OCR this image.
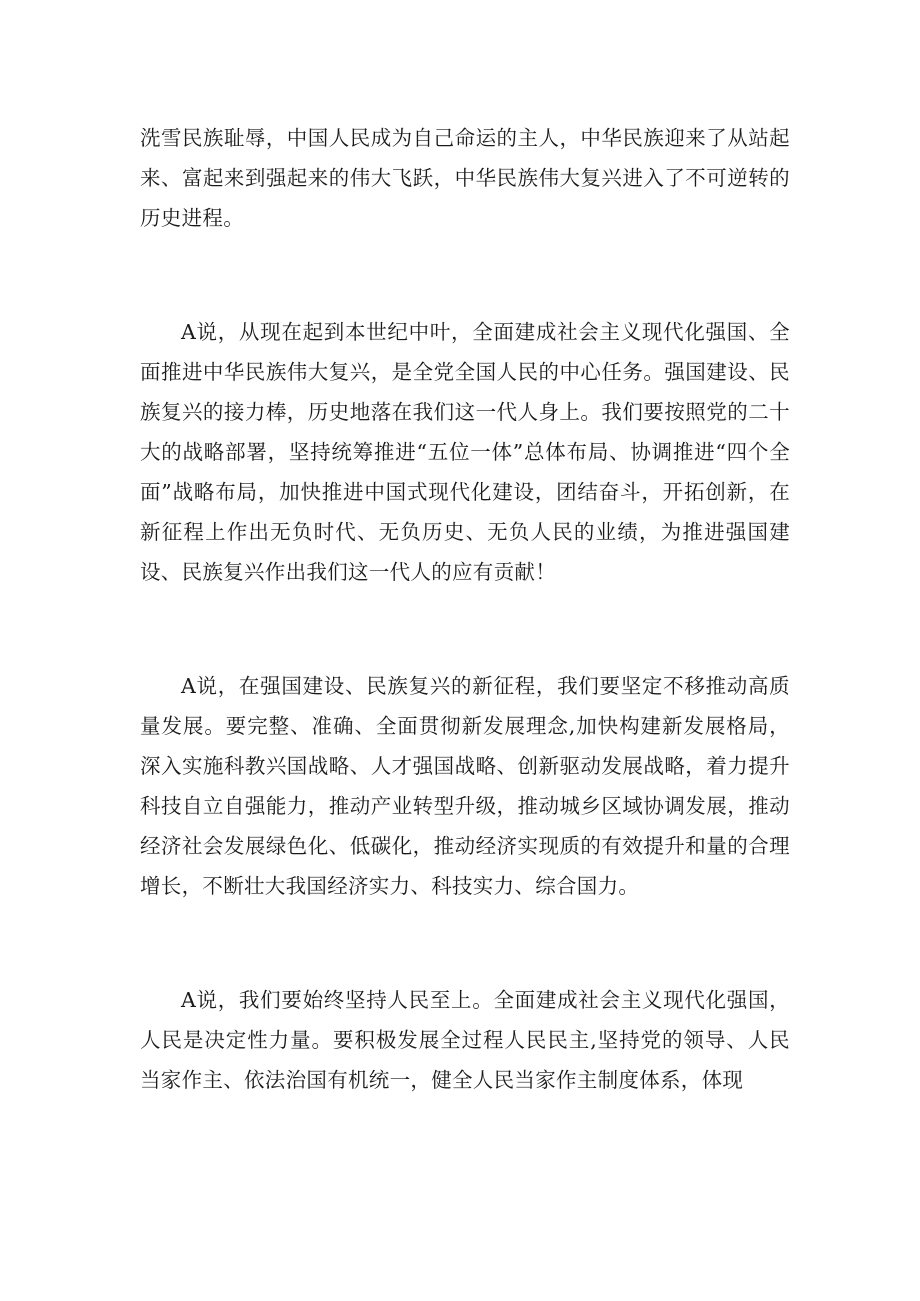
洗雪民族耻辱，中国人民成为自己命运的主人，中华民族迎来了从站起来、富起来到强起来的伟大飞跃，中华民族伟大复兴进入了不可逆转的历史进程。

A说，从现在起到本世纪中叶，全面建成社会主义现代化强国、全面推进中华民族伟大复兴，是全党全国人民的中心任务。强国建设、民族复兴的接力棒，历史地落在我们这一代人身上。我们要按照党的二十大的战略部署，坚持统筹推进“五位一体”总体布局、协调推进“四个全面”战略布局，加快推进中国式现代化建设，团结奋斗，开拓创新，在新征程上作出无负时代、无负历史、无负人民的业绩，为推进强国建设、民族复兴作出我们这一代人的应有贡献！

A说，在强国建设、民族复兴的新征程，我们要坚定不移推动高质量发展。要完整、准确、全面贯彻新发展理念,加快构建新发展格局，深入实施科教兴国战略、人才强国战略、创新驱动发展战略，着力提升科技自立自强能力，推动产业转型升级，推动城乡区域协调发展，推动经济社会发展绿色化、低碳化，推动经济实现质的有效提升和量的合理增长，不断壮大我国经济实力、科技实力、综合国力。

A说，我们要始终坚持人民至上。全面建成社会主义现代化强国，人民是决定性力量。要积极发展全过程人民民主,坚持党的领导、人民当家作主、依法治国有机统一，健全人民当家作主制度体系，体现
